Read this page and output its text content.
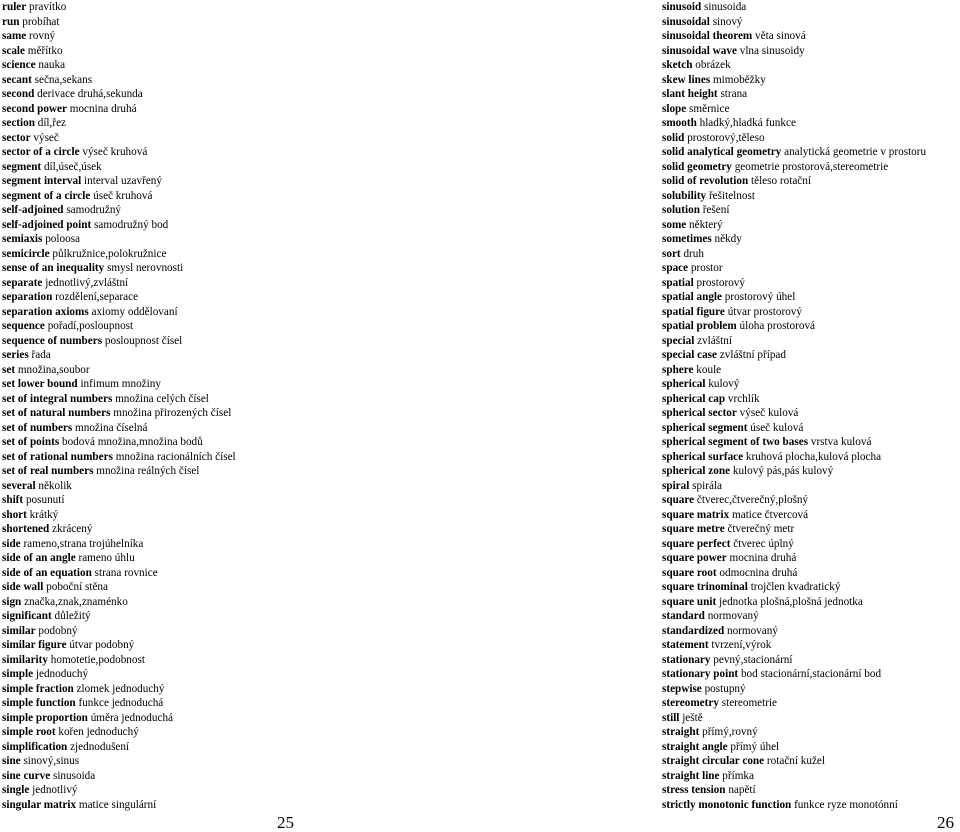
ruler pravítko
run probíhat
same rovný
scale měřítko
science nauka
secant sečna,sekans
second derivace druhá,sekunda
second power mocnina druhá
section díl,řez
sector výseč
sector of a circle výseč kruhová
segment díl,úseč,úsek
segment interval interval uzavřený
segment of a circle úseč kruhová
self-adjoined samodružný
self-adjoined point samodružný bod
semiaxis poloosa
semicircle půlkružnice,polokružnice
sense of an inequality smysl nerovnosti
separate jednotlivý,zvláštní
separation rozdělení,separace
separation axioms axiomy oddělovaní
sequence pořadí,posloupnost
sequence of numbers posloupnost čísel
series řada
set množina,soubor
set lower bound infimum množiny
set of integral numbers množina celých čísel
set of natural numbers množina přirozených čísel
set of numbers množina číselná
set of points bodová množina,množina bodů
set of rational numbers množina racionálních čísel
set of real numbers množina reálných čísel
several několik
shift posunutí
short krátký
shortened zkrácený
side rameno,strana trojúhelníka
side of an angle rameno úhlu
side of an equation strana rovnice
side wall poboční stěna
sign značka,znak,znaménko
significant důležitý
similar podobný
similar figure útvar podobný
similarity homotetie,podobnost
simple jednoduchý
simple fraction zlomek jednoduchý
simple function funkce jednoduchá
simple proportion úměra jednoduchá
simple root kořen jednoduchý
simplification zjednodušení
sine sinový,sinus
sine curve sinusoida
single jednotlivý
singular matrix matice singulární
sinusoid sinusoida
sinusoidal sinový
sinusoidal theorem věta sinová
sinusoidal wave vlna sinusoidy
sketch obrázek
skew lines mimoběžky
slant height strana
slope směrnice
smooth hladký,hladká funkce
solid prostorový,těleso
solid analytical geometry analytická geometrie v prostoru
solid geometry geometrie prostorová,stereometrie
solid of revolution těleso rotační
solubility řešitelnost
solution řešení
some některý
sometimes někdy
sort druh
space prostor
spatial prostorový
spatial angle prostorový úhel
spatial figure útvar prostorový
spatial problem úloha prostorová
special zvláštní
special case zvláštní případ
sphere koule
spherical kulový
spherical cap vrchlík
spherical sector výseč kulová
spherical segment úseč kulová
spherical segment of two bases vrstva kulová
spherical surface kruhová plocha,kulová plocha
spherical zone kulový pás,pás kulový
spiral spirála
square čtverec,čtverečný,plošný
square matrix matice čtvercová
square metre čtverečný metr
square perfect čtverec úplný
square power mocnina druhá
square root odmocnina druhá
square trinominal trojčlen kvadratický
square unit jednotka plošná,plošná jednotka
standard normovaný
standardized normovaný
statement tvrzení,výrok
stationary pevný,stacionární
stationary point bod stacionární,stacionární bod
stepwise postupný
stereometry stereometrie
still ještě
straight přímý,rovný
straight angle přímý úhel
straight circular cone rotační kužel
straight line přímka
stress tension napětí
strictly monotonic function funkce ryze monotónní
25	26
